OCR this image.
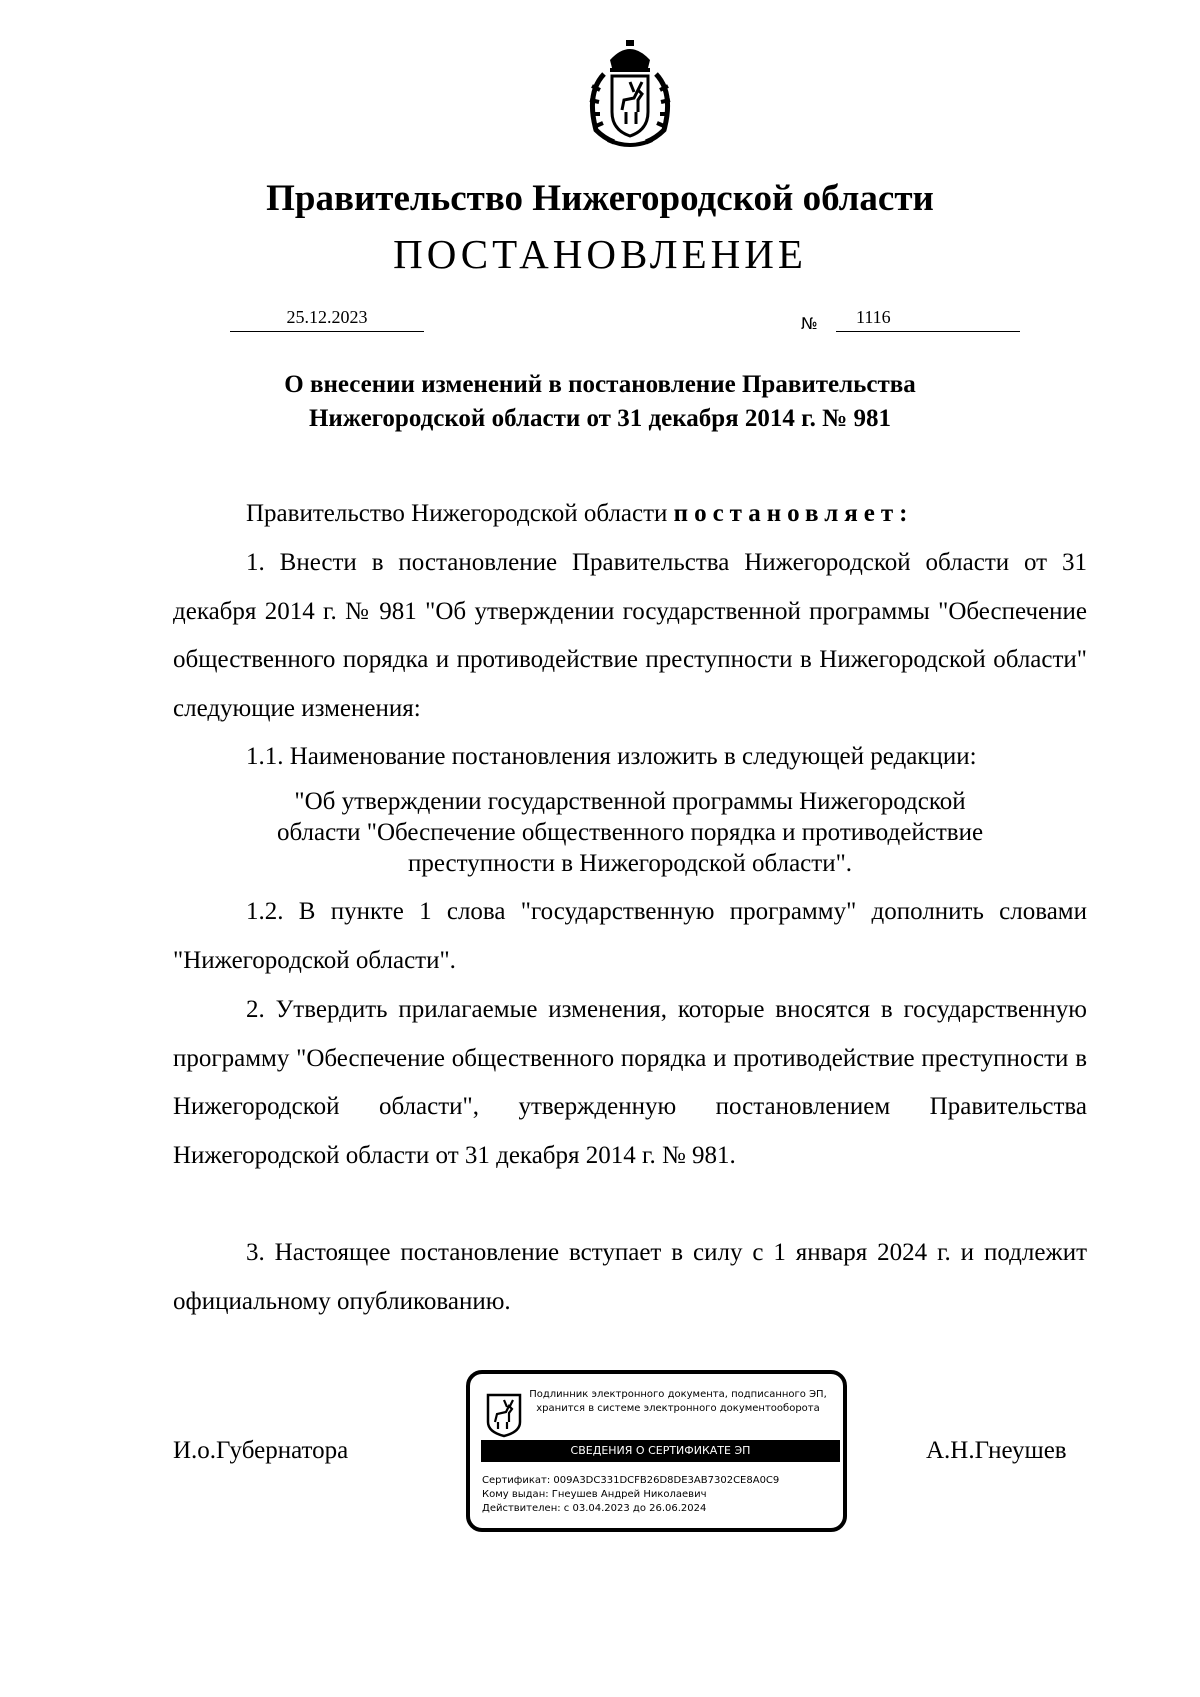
Правительство Нижегородской области
ПОСТАНОВЛЕНИЕ
25.12.2023	№	1116
О внесении изменений в постановление Правительства
Нижегородской области от 31 декабря 2014 г. № 981
Правительство Нижегородской области постановляет:
1. Внести в постановление Правительства Нижегородской области от 31 декабря 2014 г. № 981 "Об утверждении государственной программы "Обеспечение общественного порядка и противодействие преступности в Нижегородской области" следующие изменения:
1.1. Наименование постановления изложить в следующей редакции:
"Об утверждении государственной программы Нижегородской
области "Обеспечение общественного порядка и противодействие
преступности в Нижегородской области".
1.2. В пункте 1 слова "государственную программу" дополнить словами "Нижегородской области".
2. Утвердить прилагаемые изменения, которые вносятся в государственную программу "Обеспечение общественного порядка и противодействие преступности в Нижегородской области", утвержденную постановлением Правительства Нижегородской области от 31 декабря 2014 г. № 981.
3. Настоящее постановление вступает в силу с 1 января 2024 г. и подлежит официальному опубликованию.
И.о.Губернатора	А.Н.Гнеушев
Подлинник электронного документа, подписанного ЭП,
хранится в системе электронного документооборота
СВЕДЕНИЯ О СЕРТИФИКАТЕ ЭП
Сертификат: 009A3DC331DCFB26D8DE3AB7302CE8A0C9
Кому выдан: Гнеушев Андрей Николаевич
Действителен: с 03.04.2023 до 26.06.2024
